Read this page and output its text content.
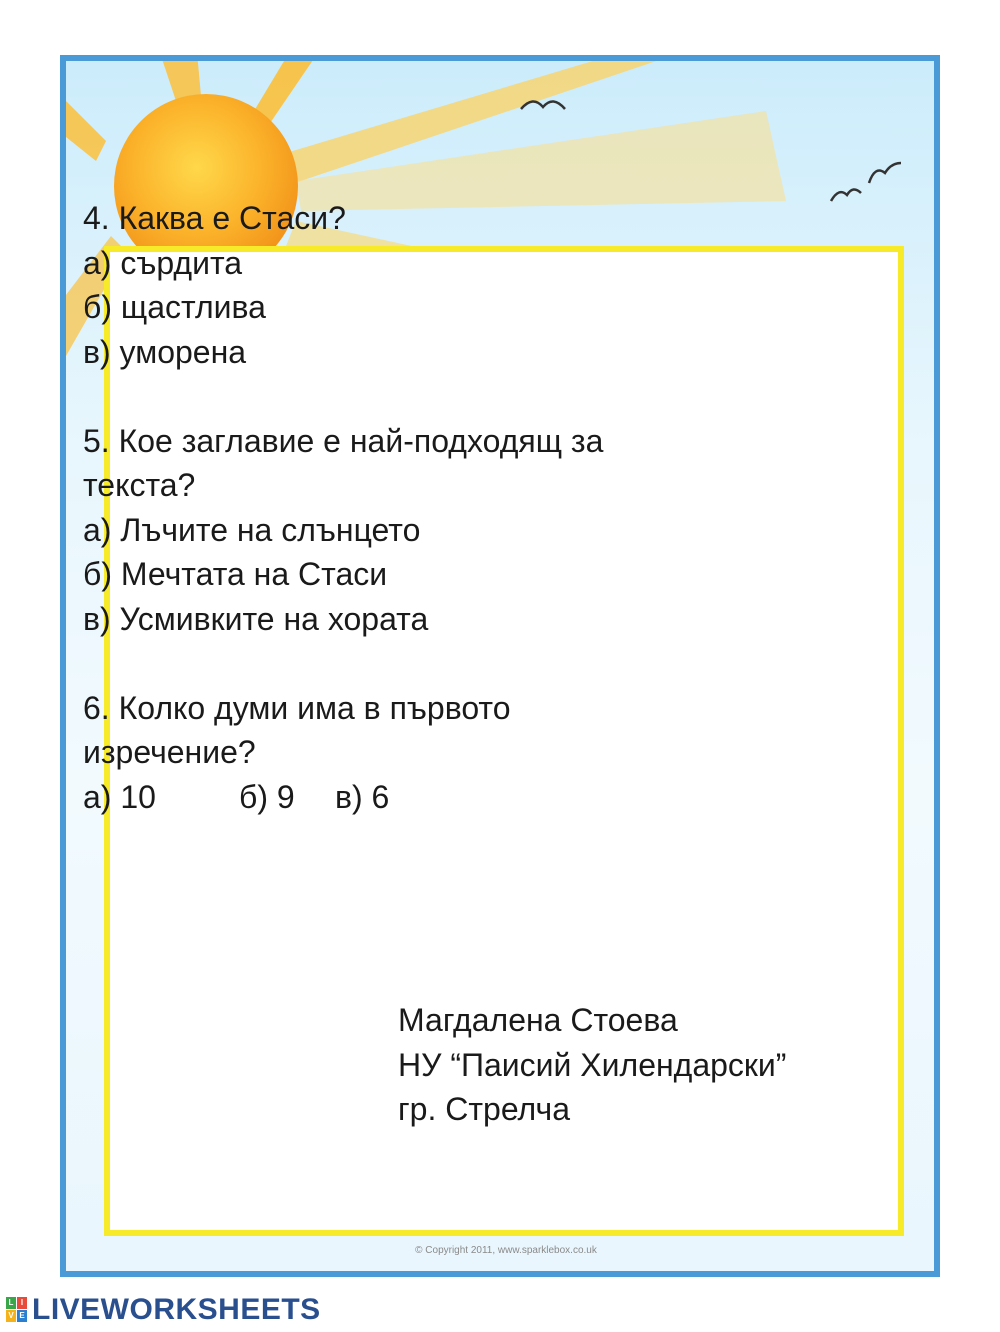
© Copyright 2011, www.sparklebox.co.uk

4. Каква е Стаси?

а) сърдита

б) щастлива

в) уморена

5. Кое заглавие е най-подходящ за

текста?

а) Лъчите на слънцето

б) Мечтата на Стаси

в) Усмивките на хората

6. Колко думи има в първото

изречение?

а) 10	б) 9 в) 6

Магдалена Стоева

НУ “Паисий Хилендарски”

гр. Стрелча

L I
V E LIVEWORKSHEETS
